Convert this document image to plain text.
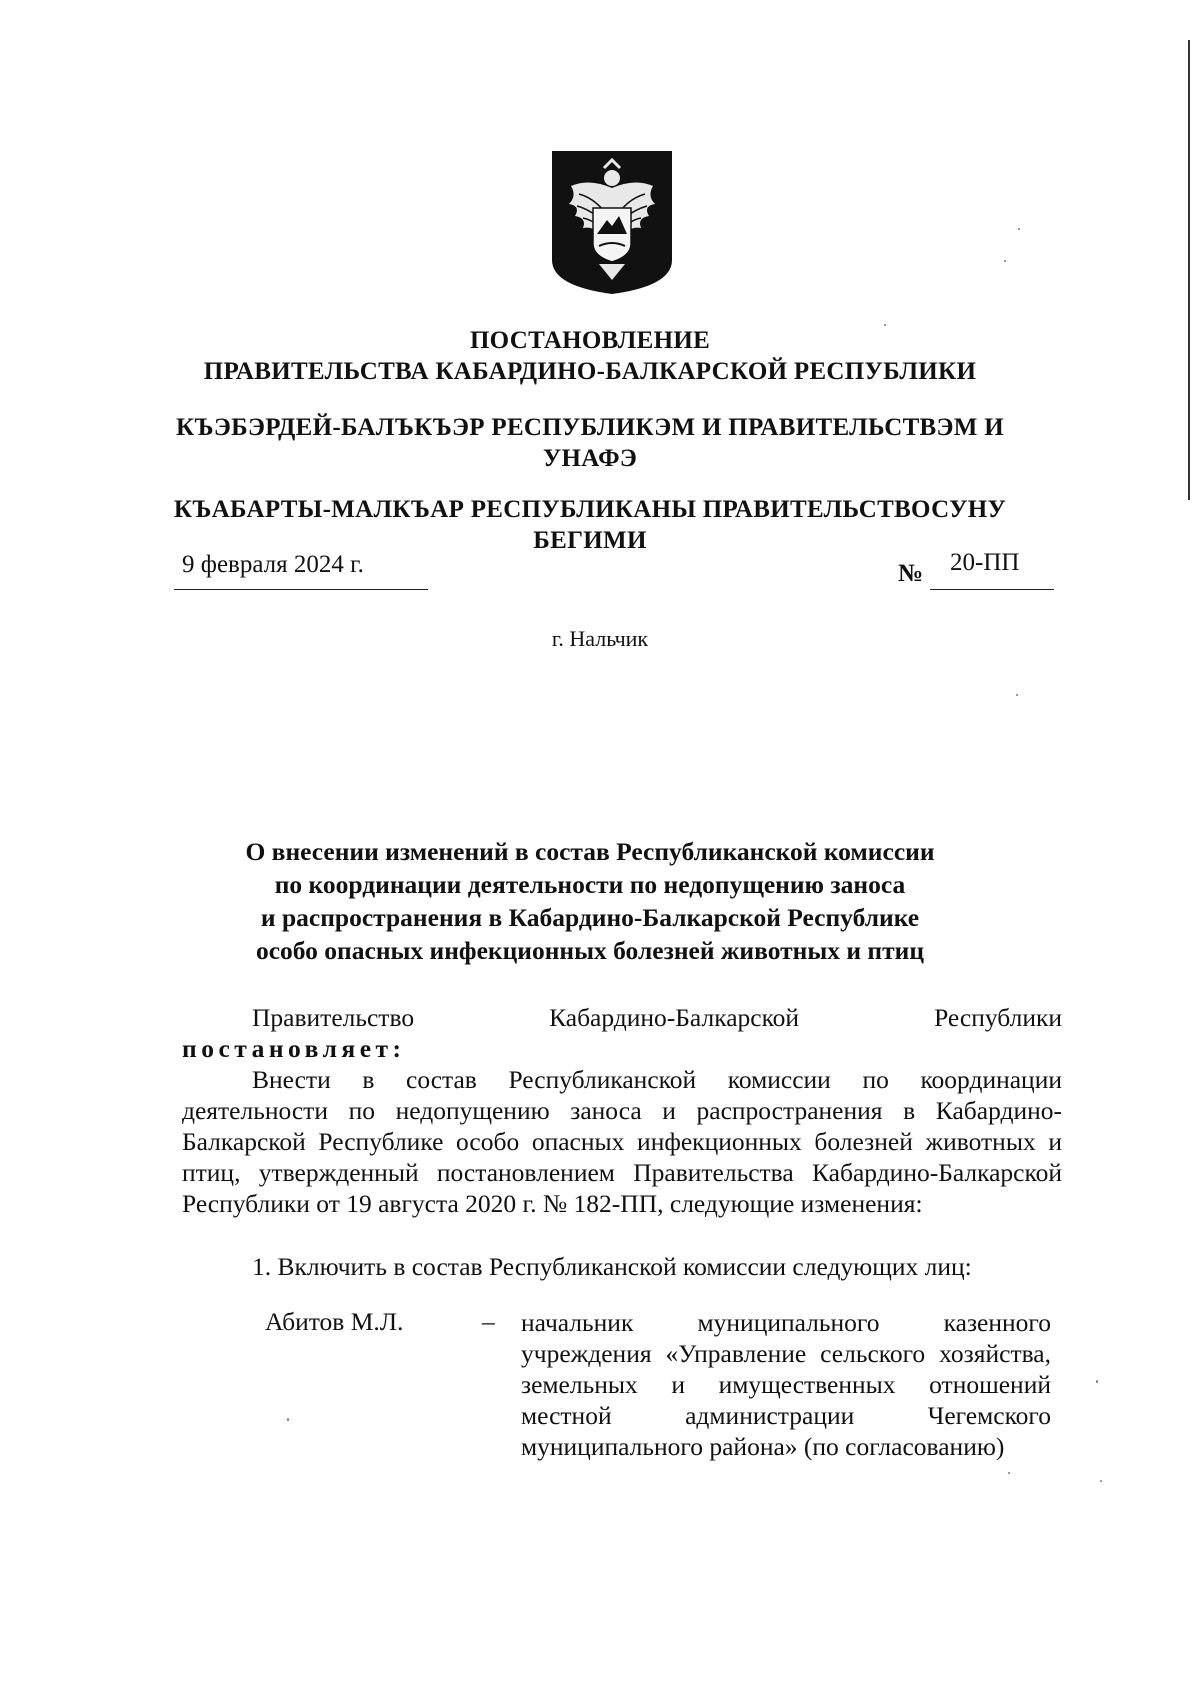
ПОСТАНОВЛЕНИЕ
ПРАВИТЕЛЬСТВА КАБАРДИНО-БАЛКАРСКОЙ РЕСПУБЛИКИ
КЪЭБЭРДЕЙ-БАЛЪКЪЭР РЕСПУБЛИКЭМ И ПРАВИТЕЛЬСТВЭМ И
УНАФЭ
КЪАБАРТЫ-МАЛКЪАР РЕСПУБЛИКАНЫ ПРАВИТЕЛЬСТВОСУНУ
БЕГИМИ
9 февраля 2024 г.	№ 20-ПП
г. Нальчик
О внесении изменений в состав Республиканской комиссии
по координации деятельности по недопущению заноса
и распространения в Кабардино-Балкарской Республике
особо опасных инфекционных болезней животных и птиц
Правительство	Кабардино-Балкарской	Республики
постановляет:
Внести в состав Республиканской комиссии по координации деятельности по недопущению заноса и распространения в Кабардино-Балкарской Республике особо опасных инфекционных болезней животных и птиц, утвержденный постановлением Правительства Кабардино-Балкарской Республики от 19 августа 2020 г. № 182-ПП, следующие изменения:
1. Включить в состав Республиканской комиссии следующих лиц:
Абитов М.Л.	– начальник муниципального казенного учреждения «Управление сельского хозяйства, земельных и имущественных отношений местной администрации Чегемского муниципального района» (по согласованию)
